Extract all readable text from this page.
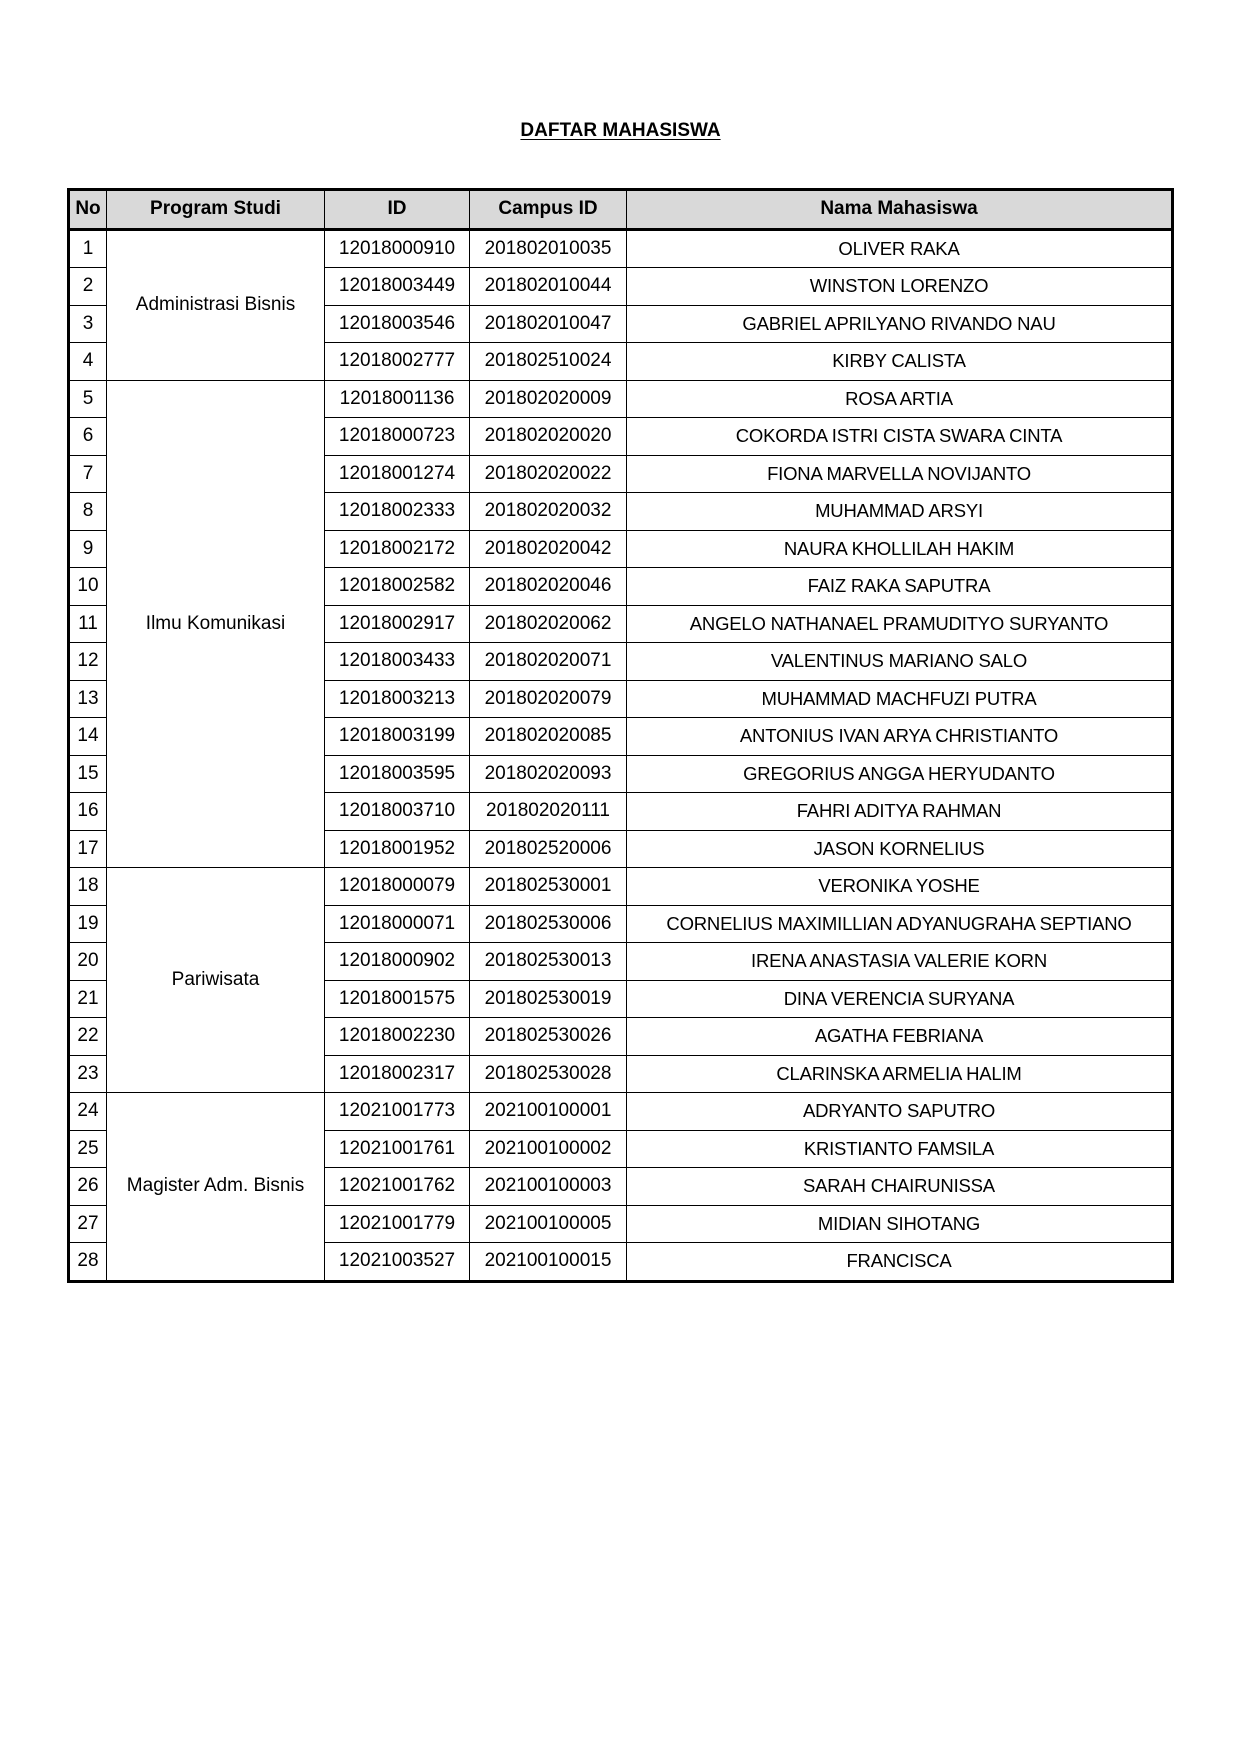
DAFTAR MAHASISWA
No	Program Studi	ID	Campus ID	Nama Mahasiswa
1	Administrasi Bisnis	12018000910	201802010035	OLIVER RAKA
2		12018003449	201802010044	WINSTON LORENZO
3		12018003546	201802010047	GABRIEL APRILYANO RIVANDO NAU
4		12018002777	201802510024	KIRBY CALISTA
5	Ilmu Komunikasi	12018001136	201802020009	ROSA ARTIA
6		12018000723	201802020020	COKORDA ISTRI CISTA SWARA CINTA
7		12018001274	201802020022	FIONA MARVELLA NOVIJANTO
8		12018002333	201802020032	MUHAMMAD ARSYI
9		12018002172	201802020042	NAURA KHOLLILAH HAKIM
10		12018002582	201802020046	FAIZ RAKA SAPUTRA
11		12018002917	201802020062	ANGELO NATHANAEL PRAMUDITYO SURYANTO
12		12018003433	201802020071	VALENTINUS MARIANO SALO
13		12018003213	201802020079	MUHAMMAD MACHFUZI PUTRA
14		12018003199	201802020085	ANTONIUS IVAN ARYA CHRISTIANTO
15		12018003595	201802020093	GREGORIUS ANGGA HERYUDANTO
16		12018003710	201802020111	FAHRI ADITYA RAHMAN
17		12018001952	201802520006	JASON KORNELIUS
18	Pariwisata	12018000079	201802530001	VERONIKA YOSHE
19		12018000071	201802530006	CORNELIUS MAXIMILLIAN ADYANUGRAHA SEPTIANO
20		12018000902	201802530013	IRENA ANASTASIA VALERIE KORN
21		12018001575	201802530019	DINA VERENCIA SURYANA
22		12018002230	201802530026	AGATHA FEBRIANA
23		12018002317	201802530028	CLARINSKA ARMELIA HALIM
24	Magister Adm. Bisnis	12021001773	202100100001	ADRYANTO SAPUTRO
25		12021001761	202100100002	KRISTIANTO FAMSILA
26		12021001762	202100100003	SARAH CHAIRUNISSA
27		12021001779	202100100005	MIDIAN SIHOTANG
28		12021003527	202100100015	FRANCISCA
